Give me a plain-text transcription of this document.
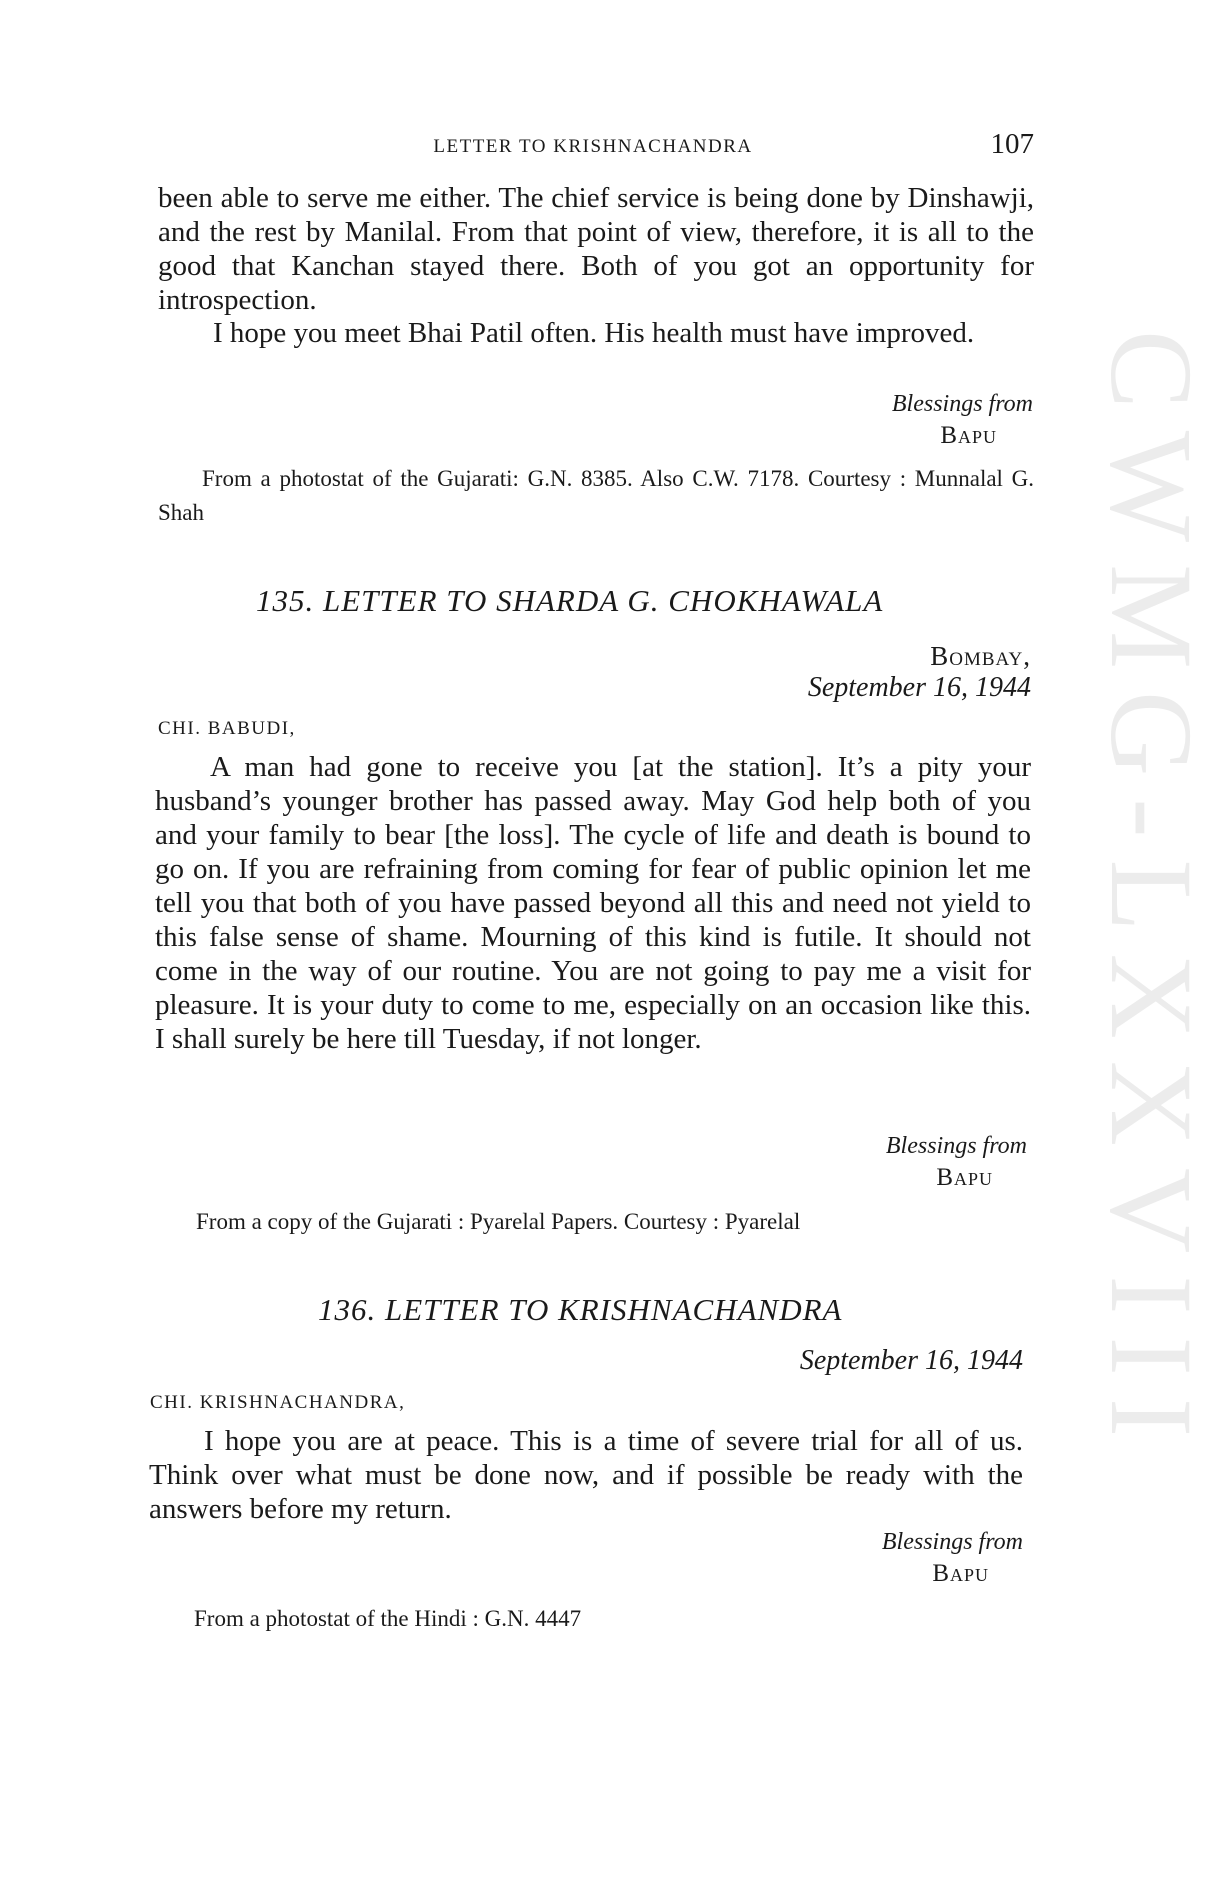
CWMG-LXXVIII
LETTER TO KRISHNACHANDRA	107

been able to serve me either. The chief service is being done by Dinshawji, and the rest by Manilal. From that point of view, therefore, it is all to the good that Kanchan stayed there. Both of you got an opportunity for introspection.

I hope you meet Bhai Patil often. His health must have improved.

Blessings from
Bapu
From a photostat of the Gujarati: G.N. 8385. Also C.W. 7178. Courtesy : Munnalal G. Shah
135. LETTER TO SHARDA G. CHOKHAWALA
Bombay,
September 16, 1944
CHI. BABUDI,

A man had gone to receive you [at the station]. It’s a pity your husband’s younger brother has passed away. May God help both of you and your family to bear [the loss]. The cycle of life and death is bound to go on. If you are refraining from coming for fear of public opinion let me tell you that both of you have passed beyond all this and need not yield to this false sense of shame. Mourning of this kind is futile. It should not come in the way of our routine. You are not going to pay me a visit for pleasure. It is your duty to come to me, especially on an occasion like this. I shall surely be here till Tuesday, if not longer.

Blessings from
Bapu
From a copy of the Gujarati : Pyarelal Papers. Courtesy : Pyarelal
136. LETTER TO KRISHNACHANDRA
September 16, 1944
CHI. KRISHNACHANDRA,

I hope you are at peace. This is a time of severe trial for all of us. Think over what must be done now, and if possible be ready with the answers before my return.

Blessings from
Bapu
From a photostat of the Hindi : G.N. 4447
